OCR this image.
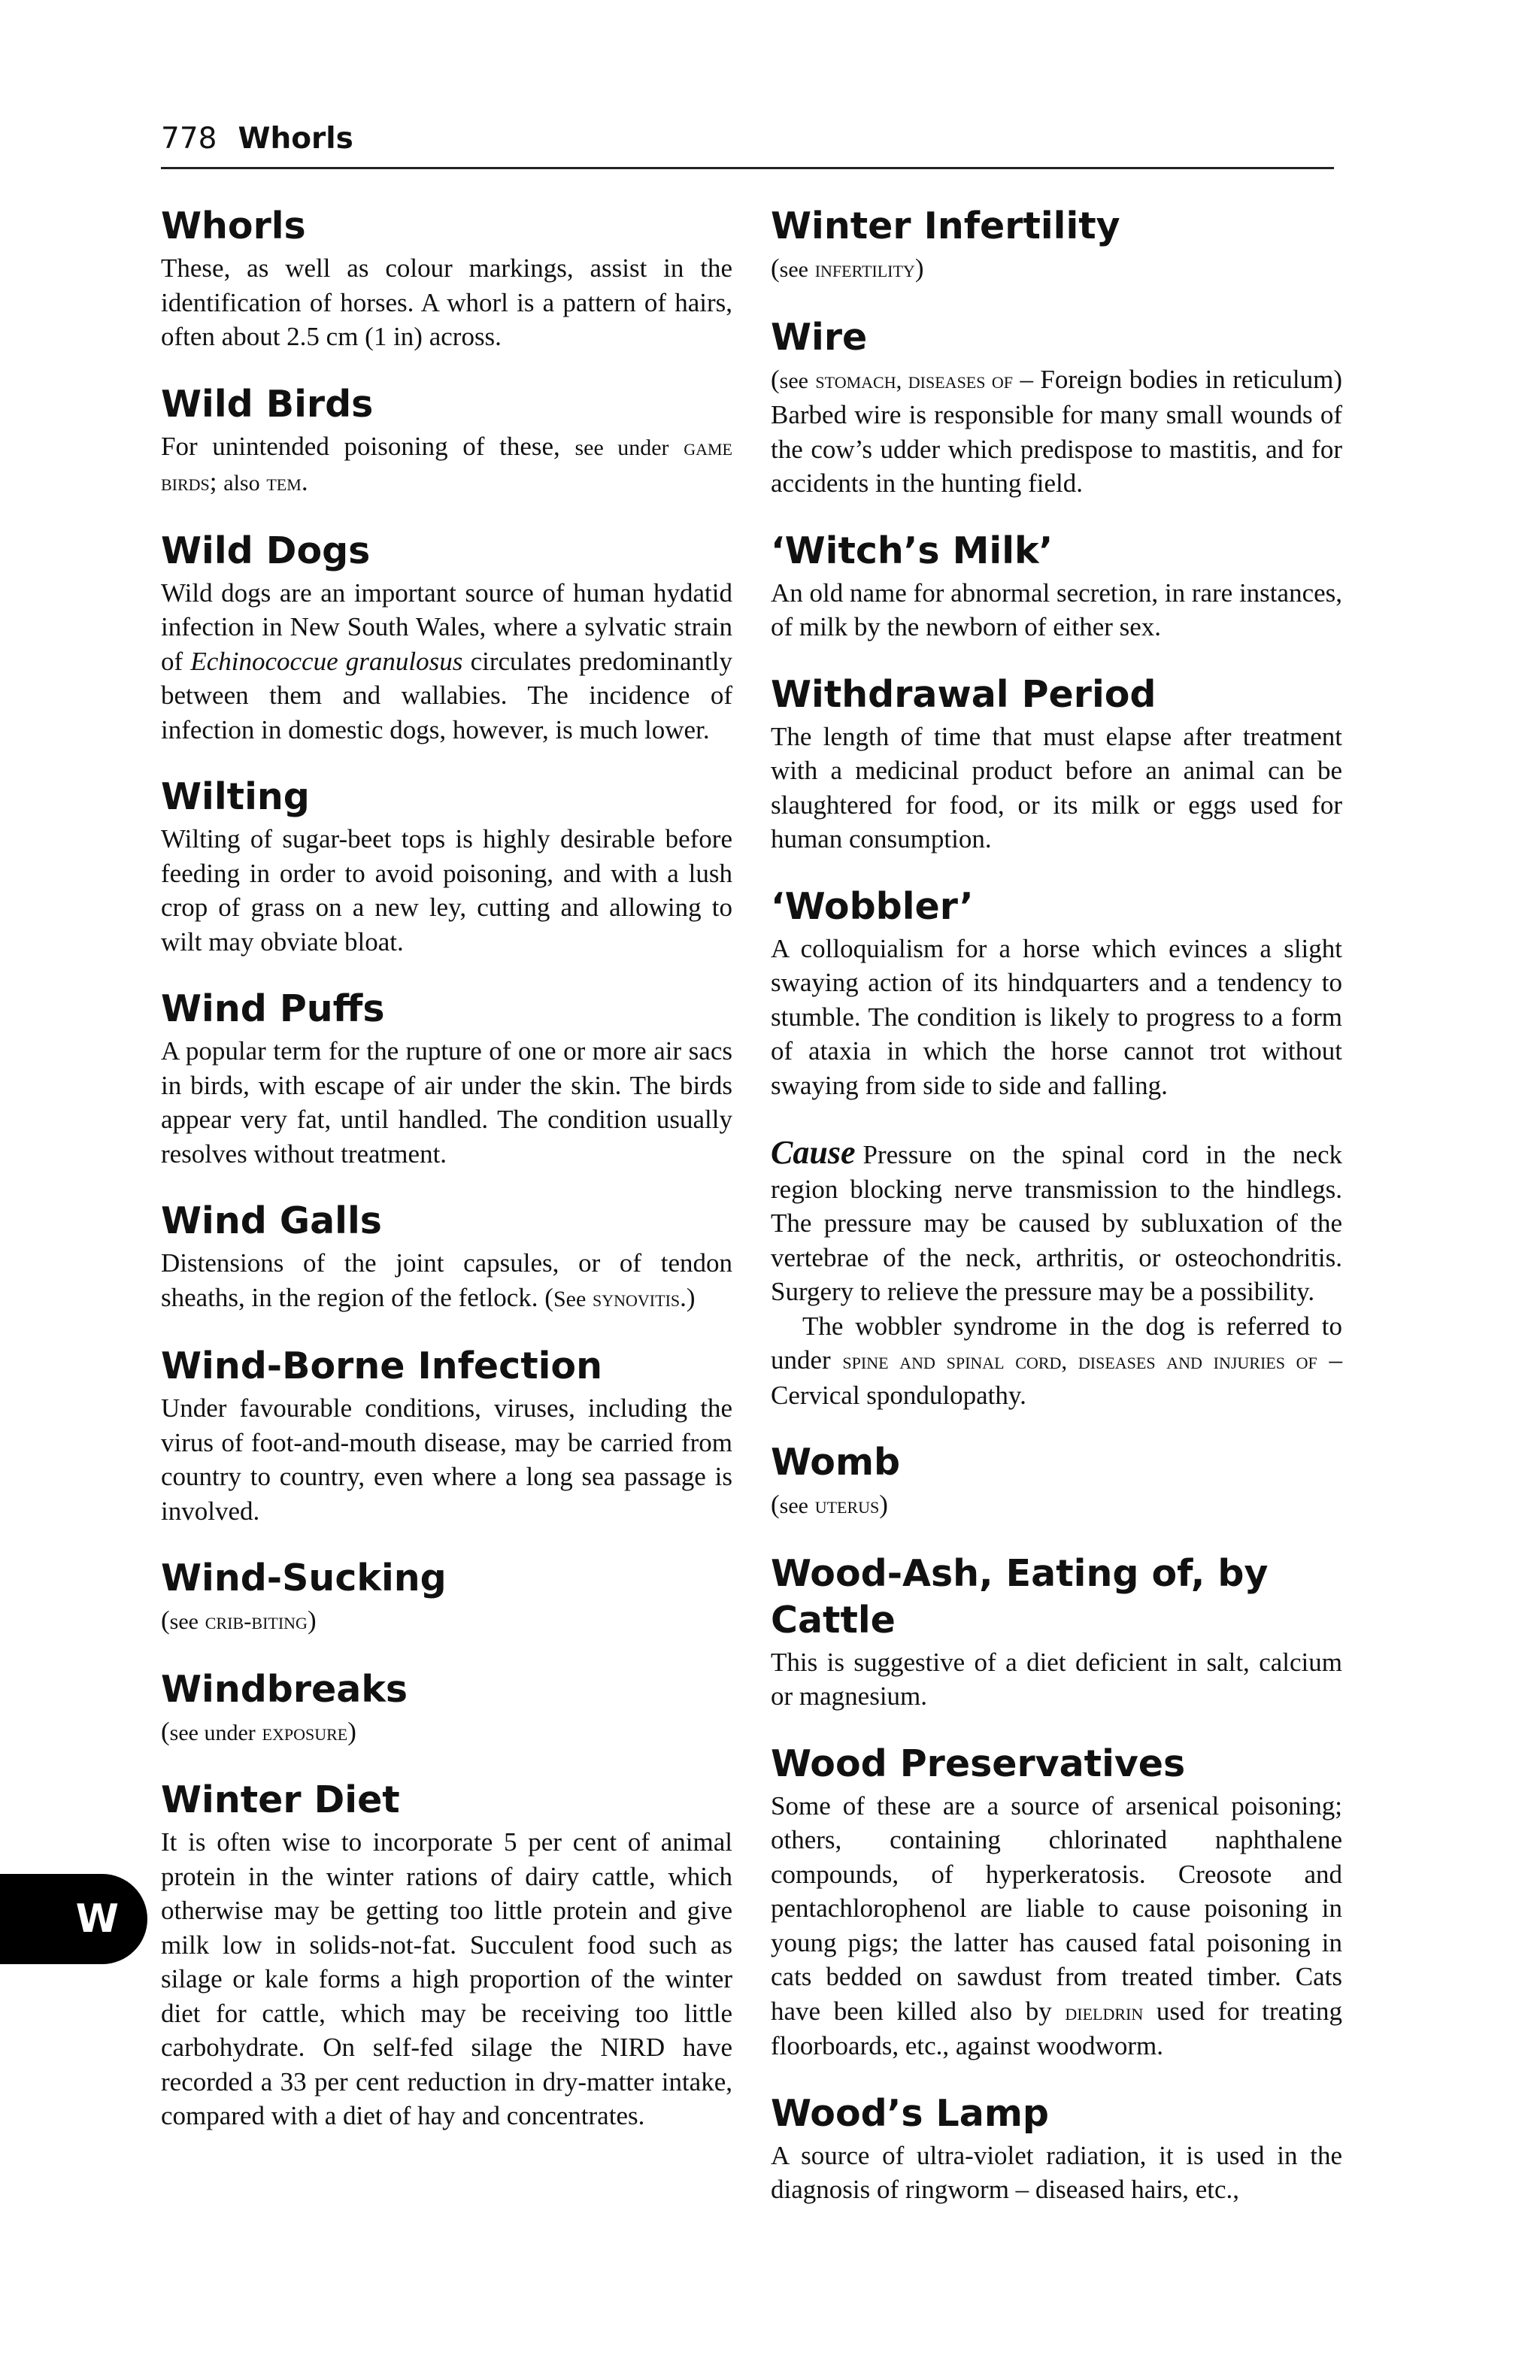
778 Whorls
W
Whorls

These, as well as colour markings, assist in the identification of horses. A whorl is a pattern of hairs, often about 2.5 cm (1 in) across.

Wild Birds

For unintended poisoning of these, see under game birds; also tem.

Wild Dogs

Wild dogs are an important source of human hydatid infection in New South Wales, where a sylvatic strain of Echinococcue granulosus circulates predominantly between them and wallabies. The incidence of infection in domestic dogs, however, is much lower.

Wilting

Wilting of sugar-beet tops is highly desirable before feeding in order to avoid poisoning, and with a lush crop of grass on a new ley, cutting and allowing to wilt may obviate bloat.

Wind Puffs

A popular term for the rupture of one or more air sacs in birds, with escape of air under the skin. The birds appear very fat, until handled. The condition usually resolves without treatment.

Wind Galls

Distensions of the joint capsules, or of tendon sheaths, in the region of the fetlock. (See synovitis.)

Wind-Borne Infection

Under favourable conditions, viruses, including the virus of foot-and-mouth disease, may be carried from country to country, even where a long sea passage is involved.

Wind-Sucking

(see crib-biting)

Windbreaks

(see under exposure)

Winter Diet

It is often wise to incorporate 5 per cent of animal protein in the winter rations of dairy cattle, which otherwise may be getting too little protein and give milk low in solids-not-fat. Succulent food such as silage or kale forms a high proportion of the winter diet for cattle, which may be receiving too little carbohydrate. On self-fed silage the NIRD have recorded a 33 per cent reduction in dry-matter intake, compared with a diet of hay and concentrates.

Winter Infertility

(see infertility)

Wire

(see stomach, diseases of – Foreign bodies in reticulum) Barbed wire is responsible for many small wounds of the cow’s udder which predispose to mastitis, and for accidents in the hunting field.

‘Witch’s Milk’

An old name for abnormal secretion, in rare instances, of milk by the newborn of either sex.

Withdrawal Period

The length of time that must elapse after treatment with a medicinal product before an animal can be slaughtered for food, or its milk or eggs used for human consumption.

‘Wobbler’

A colloquialism for a horse which evinces a slight swaying action of its hindquarters and a tendency to stumble. The condition is likely to progress to a form of ataxia in which the horse cannot trot without swaying from side to side and falling.

Cause Pressure on the spinal cord in the neck region blocking nerve transmission to the hindlegs. The pressure may be caused by subluxation of the vertebrae of the neck, arthritis, or osteochondritis. Surgery to relieve the pressure may be a possibility.

The wobbler syndrome in the dog is referred to under spine and spinal cord, diseases and injuries of – Cervical spondulopathy.

Womb

(see uterus)

Wood-Ash, Eating of, by Cattle

This is suggestive of a diet deficient in salt, calcium or magnesium.

Wood Preservatives

Some of these are a source of arsenical poisoning; others, containing chlorinated naphthalene compounds, of hyperkeratosis. Creosote and pentachlorophenol are liable to cause poisoning in young pigs; the latter has caused fatal poisoning in cats bedded on sawdust from treated timber. Cats have been killed also by dieldrin used for treating floorboards, etc., against woodworm.

Wood’s Lamp

A source of ultra-violet radiation, it is used in the diagnosis of ringworm – diseased hairs, etc.,
